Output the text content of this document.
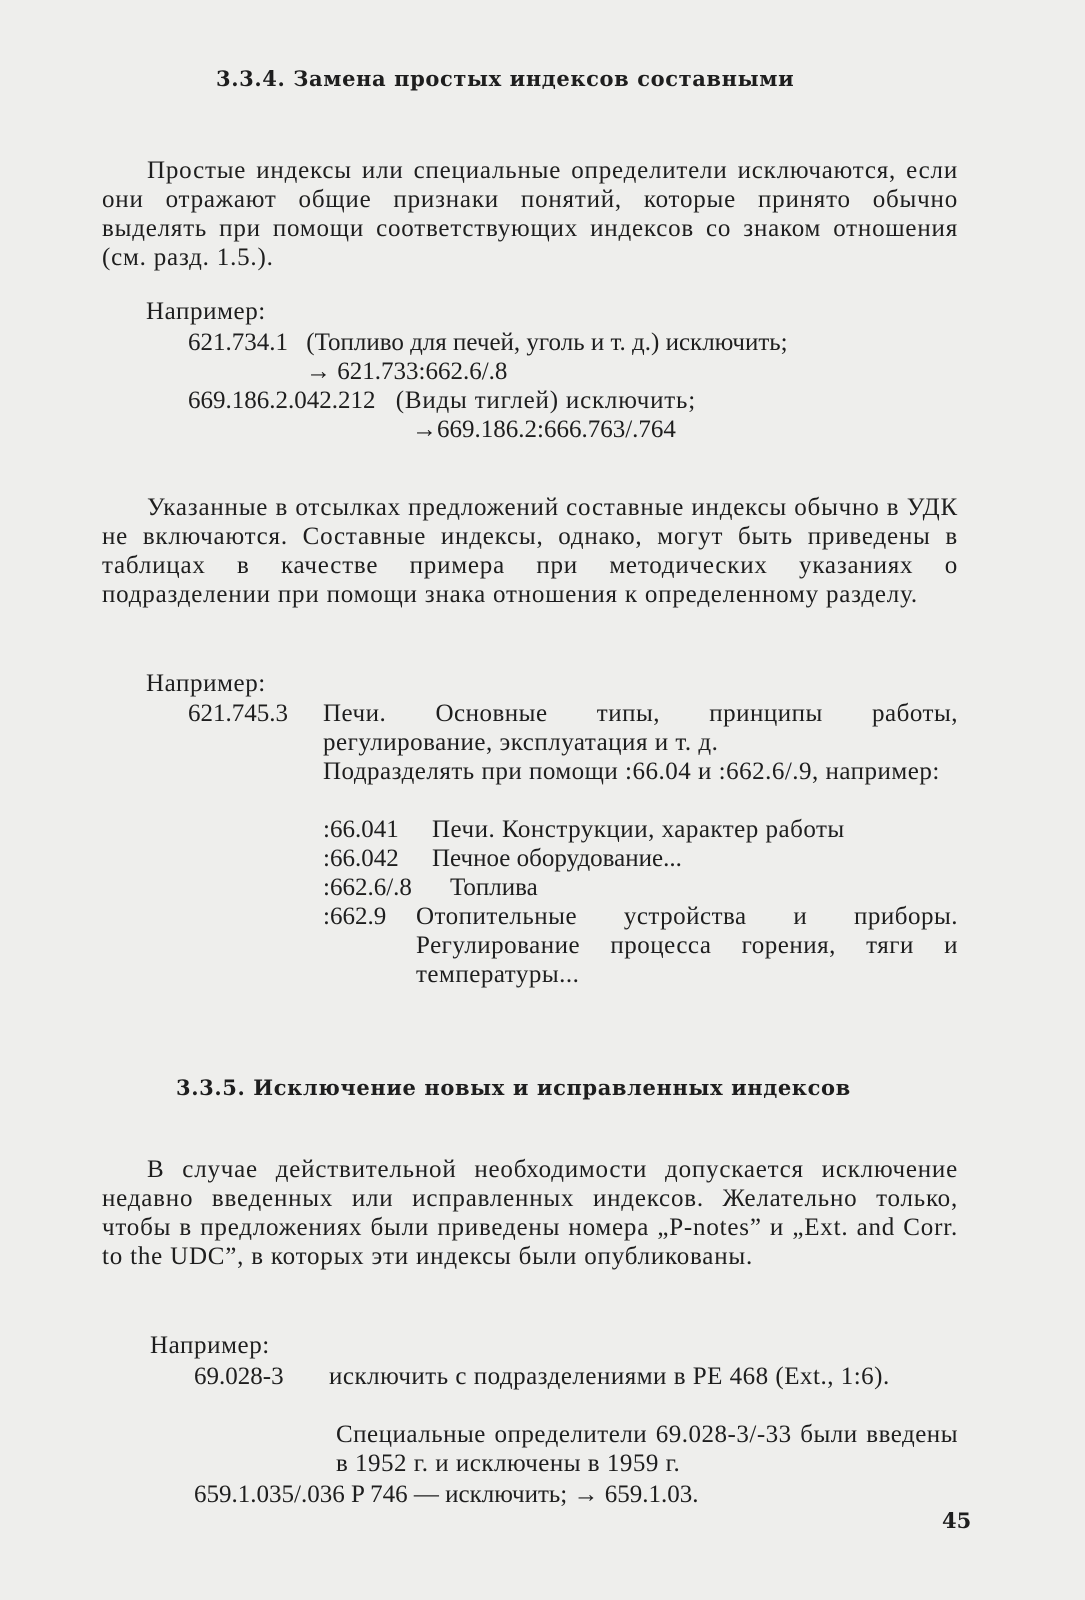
3.3.4. Замена простых индексов составными

Простые индексы или специальные определители исключаются, если они отражают общие признаки понятий, которые принято обычно выделять при помощи соответствующих индексов со знаком отношения (см. разд. 1.5.).

Например:
621.734.1 (Топливо для печей, уголь и т. д.) исключить;
→ 621.733:662.6/.8
669.186.2.042.212 (Виды тиглей) исключить;
→669.186.2:666.763/.764

Указанные в отсылках предложений составные индексы обычно в УДК не включаются. Составные индексы, однако, могут быть приведены в таблицах в качестве примера при методических указаниях о подразделении при помощи знака отношения к определенному разделу.

Например:
621.745.3 Печи. Основные типы, принципы работы, регулирование, эксплуатация и т. д.
Подразделять при помощи :66.04 и :662.6/.9, например:
:66.041 Печи. Конструкции, характер работы
:66.042 Печное оборудование...
:662.6/.8 Топлива
:662.9 Отопительные устройства и приборы. Регулирование процесса горения, тяги и температуры...
3.3.5. Исключение новых и исправленных индексов

В случае действительной необходимости допускается исключение недавно введенных или исправленных индексов. Желательно только, чтобы в предложениях были приведены номера „P-notes” и „Ext. and Corr. to the UDC”, в которых эти индексы были опубликованы.

Например:
69.028-3 исключить с подразделениями в PE 468 (Ext., 1:6).
Специальные определители 69.028-3/-33 были введены в 1952 г. и исключены в 1959 г.
659.1.035/.036 P 746 — исключить; → 659.1.03.
45
